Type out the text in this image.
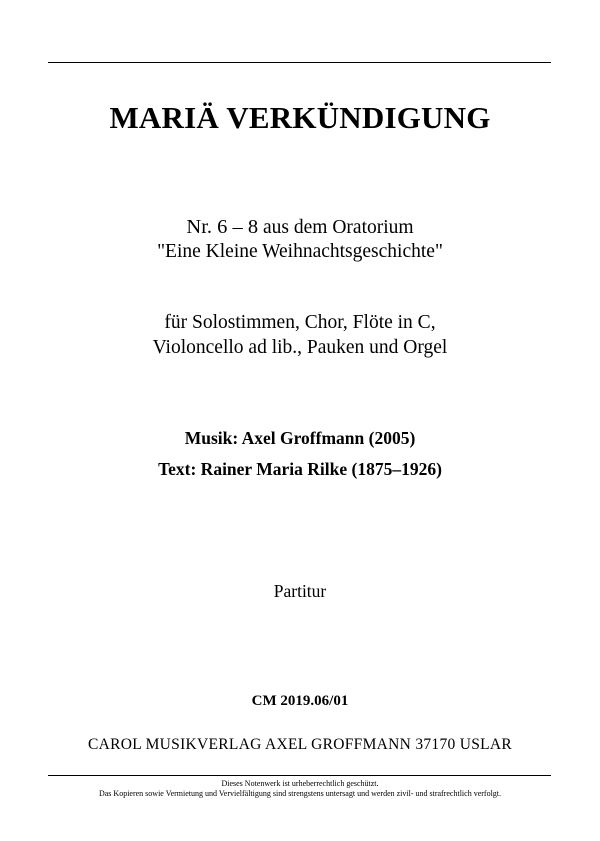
MARIÄ VERKÜNDIGUNG
Nr. 6 – 8 aus dem Oratorium
"Eine Kleine Weihnachtsgeschichte"
für Solostimmen, Chor, Flöte in C,
Violoncello ad lib., Pauken und Orgel
Musik: Axel Groffmann (2005)
Text: Rainer Maria Rilke (1875–1926)
Partitur
CM 2019.06/01
CAROL MUSIKVERLAG AXEL GROFFMANN 37170 USLAR
Dieses Notenwerk ist urheberrechtlich geschützt.
Das Kopieren sowie Vermietung und Vervielfältigung sind strengstens untersagt und werden zivil- und strafrechtlich verfolgt.
